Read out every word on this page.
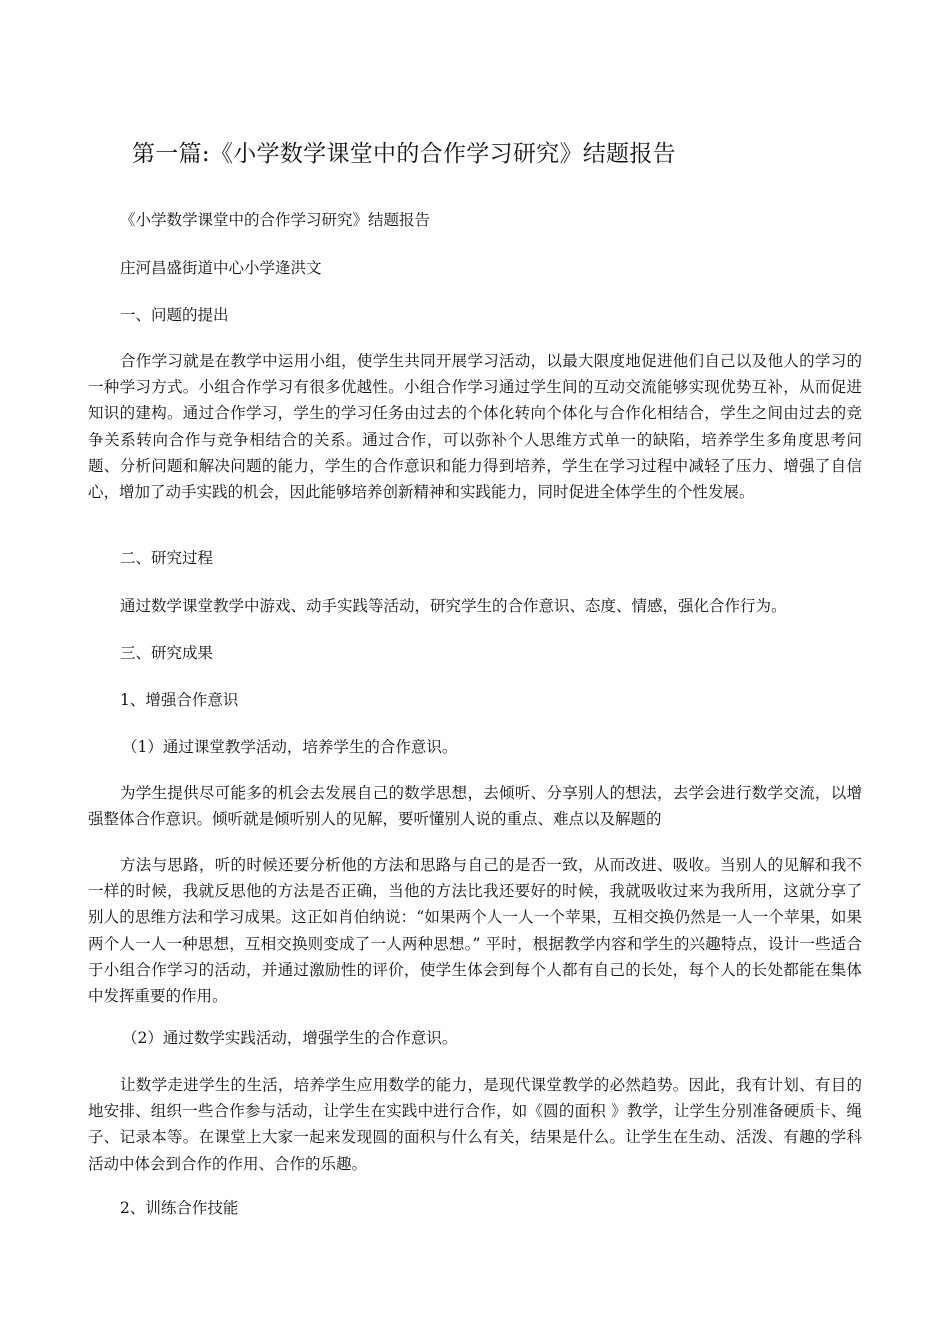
第一篇:《小学数学课堂中的合作学习研究》结题报告

《小学数学课堂中的合作学习研究》结题报告

庄河昌盛街道中心小学逄洪文

一、问题的提出

合作学习就是在教学中运用小组，使学生共同开展学习活动，以最大限度地促进他们自己以及他人的学习的一种学习方式。小组合作学习有很多优越性。小组合作学习通过学生间的互动交流能够实现优势互补，从而促进知识的建构。通过合作学习，学生的学习任务由过去的个体化转向个体化与合作化相结合，学生之间由过去的竞争关系转向合作与竞争相结合的关系。通过合作，可以弥补个人思维方式单一的缺陷，培养学生多角度思考问题、分析问题和解决问题的能力，学生的合作意识和能力得到培养，学生在学习过程中减轻了压力、增强了自信心，增加了动手实践的机会，因此能够培养创新精神和实践能力，同时促进全体学生的个性发展。

二、研究过程

通过数学课堂教学中游戏、动手实践等活动，研究学生的合作意识、态度、情感，强化合作行为。

三、研究成果

1、增强合作意识

（1）通过课堂教学活动，培养学生的合作意识。

为学生提供尽可能多的机会去发展自己的数学思想，去倾听、分享别人的想法，去学会进行数学交流，以增强整体合作意识。倾听就是倾听别人的见解，要听懂别人说的重点、难点以及解题的

方法与思路，听的时候还要分析他的方法和思路与自己的是否一致，从而改进、吸收。当别人的见解和我不一样的时候，我就反思他的方法是否正确，当他的方法比我还要好的时候，我就吸收过来为我所用，这就分享了别人的思维方法和学习成果。这正如肖伯纳说：“如果两个人一人一个苹果，互相交换仍然是一人一个苹果，如果两个人一人一种思想，互相交换则变成了一人两种思想。” 平时，根据教学内容和学生的兴趣特点，设计一些适合于小组合作学习的活动，并通过激励性的评价，使学生体会到每个人都有自己的长处，每个人的长处都能在集体中发挥重要的作用。

（2）通过数学实践活动，增强学生的合作意识。

让数学走进学生的生活，培养学生应用数学的能力，是现代课堂教学的必然趋势。因此，我有计划、有目的地安排、组织一些合作参与活动，让学生在实践中进行合作，如《圆的面积 》教学，让学生分别准备硬质卡、绳子、记录本等。在课堂上大家一起来发现圆的面积与什么有关，结果是什么。让学生在生动、活泼、有趣的学科活动中体会到合作的作用、合作的乐趣。

2、训练合作技能
